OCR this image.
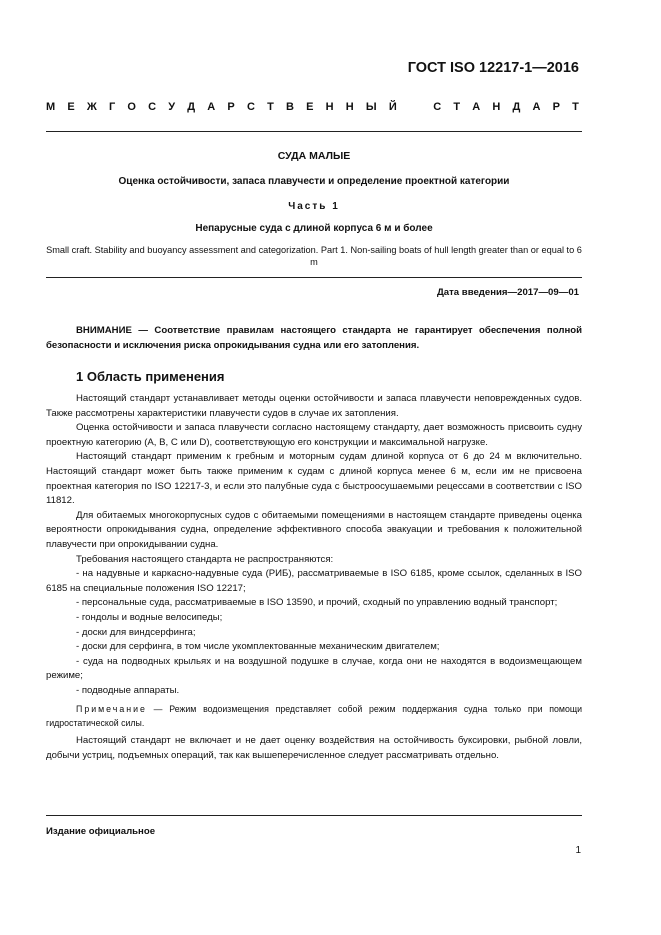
ГОСТ ISO 12217-1—2016
М Е Ж Г О С У Д А Р С Т В Е Н Н Ы Й	С Т А Н Д А Р Т
СУДА МАЛЫЕ
Оценка остойчивости, запаса плавучести и определение проектной категории
Часть 1
Непарусные суда с длиной корпуса 6 м и более
Small craft. Stability and buoyancy assessment and categorization. Part 1. Non-sailing boats of hull length greater than or equal to 6 m
Дата введения—2017—09—01

ВНИМАНИЕ — Соответствие правилам настоящего стандарта не гарантирует обеспечения полной безопасности и исключения риска опрокидывания судна или его затопления.

1 Область применения

Настоящий стандарт устанавливает методы оценки остойчивости и запаса плавучести неповрежденных судов. Также рассмотрены характеристики плавучести судов в случае их затопления.

Оценка остойчивости и запаса плавучести согласно настоящему стандарту, дает возможность присвоить судну проектную категорию (А, В, С или D), соответствующую его конструкции и максимальной нагрузке.

Настоящий стандарт применим к гребным и моторным судам длиной корпуса от 6 до 24 м включительно. Настоящий стандарт может быть также применим к судам с длиной корпуса менее 6 м, если им не присвоена проектная категория по ISO 12217-3, и если это палубные суда с быстроосушаемыми рецессами в соответствии с ISO 11812.

Для обитаемых многокорпусных судов с обитаемыми помещениями в настоящем стандарте приведены оценка вероятности опрокидывания судна, определение эффективного способа эвакуации и требования к положительной плавучести при опрокидывании судна.

Требования настоящего стандарта не распространяются:

- на надувные и каркасно-надувные суда (РИБ), рассматриваемые в ISO 6185, кроме ссылок, сделанных в ISO 6185 на специальные положения ISO 12217;

- персональные суда, рассматриваемые в ISO 13590, и прочий, сходный по управлению водный транспорт;

- гондолы и водные велосипеды;

- доски для виндсерфинга;

- доски для серфинга, в том числе укомплектованные механическим двигателем;

- суда на подводных крыльях и на воздушной подушке в случае, когда они не находятся в водоизмещающем режиме;

- подводные аппараты.

Примечание — Режим водоизмещения представляет собой режим поддержания судна только при помощи гидростатической силы.

Настоящий стандарт не включает и не дает оценку воздействия на остойчивость буксировки, рыбной ловли, добычи устриц, подъемных операций, так как вышеперечисленное следует рассматривать отдельно.

Издание официальное
1
